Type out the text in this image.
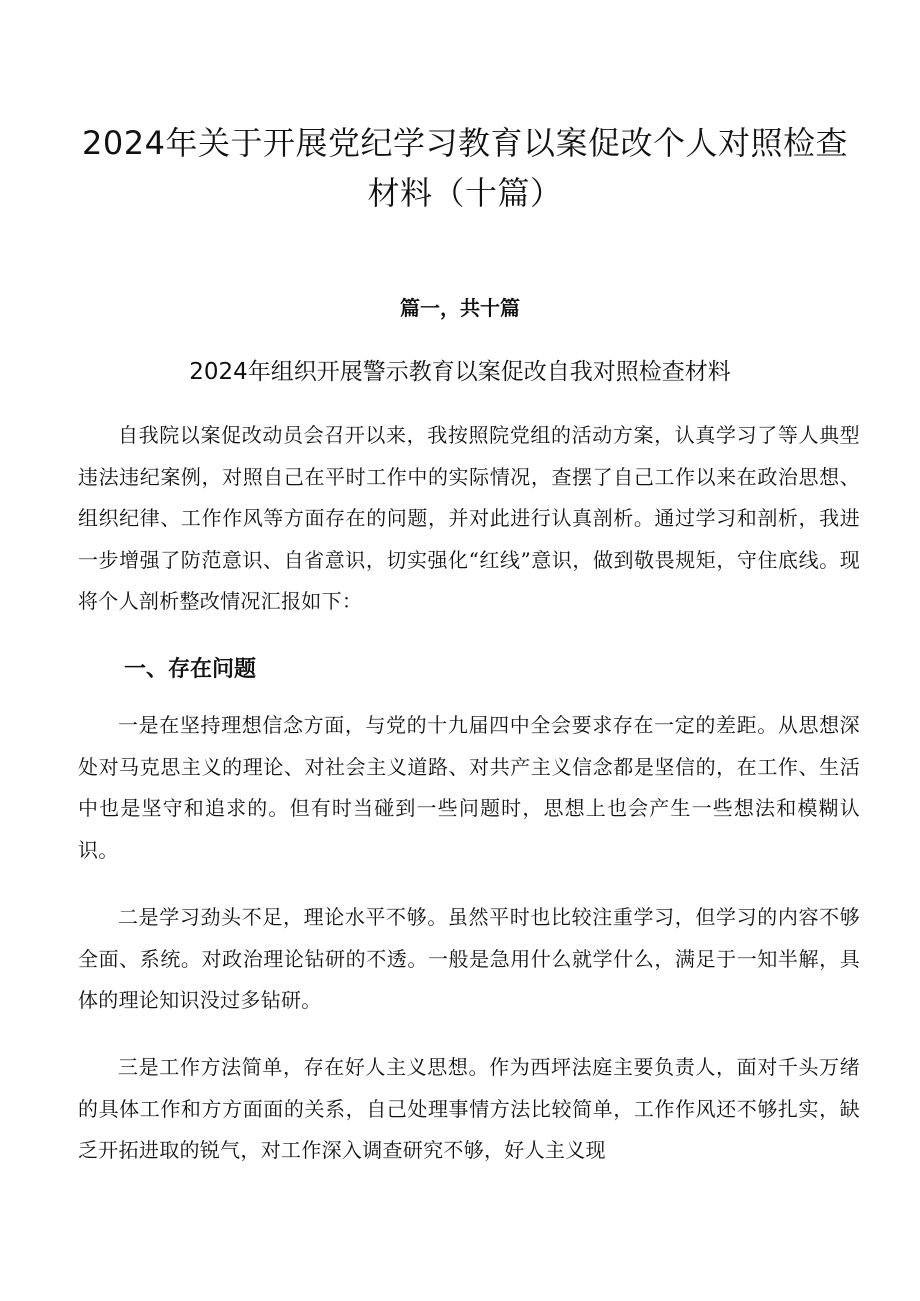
2024年关于开展党纪学习教育以案促改个人对照检查
材料（十篇）
篇一，共十篇
2024年组织开展警示教育以案促改自我对照检查材料

自我院以案促改动员会召开以来，我按照院党组的活动方案，认真学习了等人典型违法违纪案例，对照自己在平时工作中的实际情况，查摆了自己工作以来在政治思想、组织纪律、工作作风等方面存在的问题，并对此进行认真剖析。通过学习和剖析，我进一步增强了防范意识、自省意识，切实强化“红线”意识，做到敬畏规矩，守住底线。现将个人剖析整改情况汇报如下：

一、存在问题

一是在坚持理想信念方面，与党的十九届四中全会要求存在一定的差距。从思想深处对马克思主义的理论、对社会主义道路、对共产主义信念都是坚信的，在工作、生活中也是坚守和追求的。但有时当碰到一些问题时，思想上也会产生一些想法和模糊认识。

二是学习劲头不足，理论水平不够。虽然平时也比较注重学习，但学习的内容不够全面、系统。对政治理论钻研的不透。一般是急用什么就学什么，满足于一知半解，具体的理论知识没过多钻研。

三是工作方法简单，存在好人主义思想。作为西坪法庭主要负责人，面对千头万绪的具体工作和方方面面的关系，自己处理事情方法比较简单，工作作风还不够扎实，缺乏开拓进取的锐气，对工作深入调查研究不够，好人主义现
